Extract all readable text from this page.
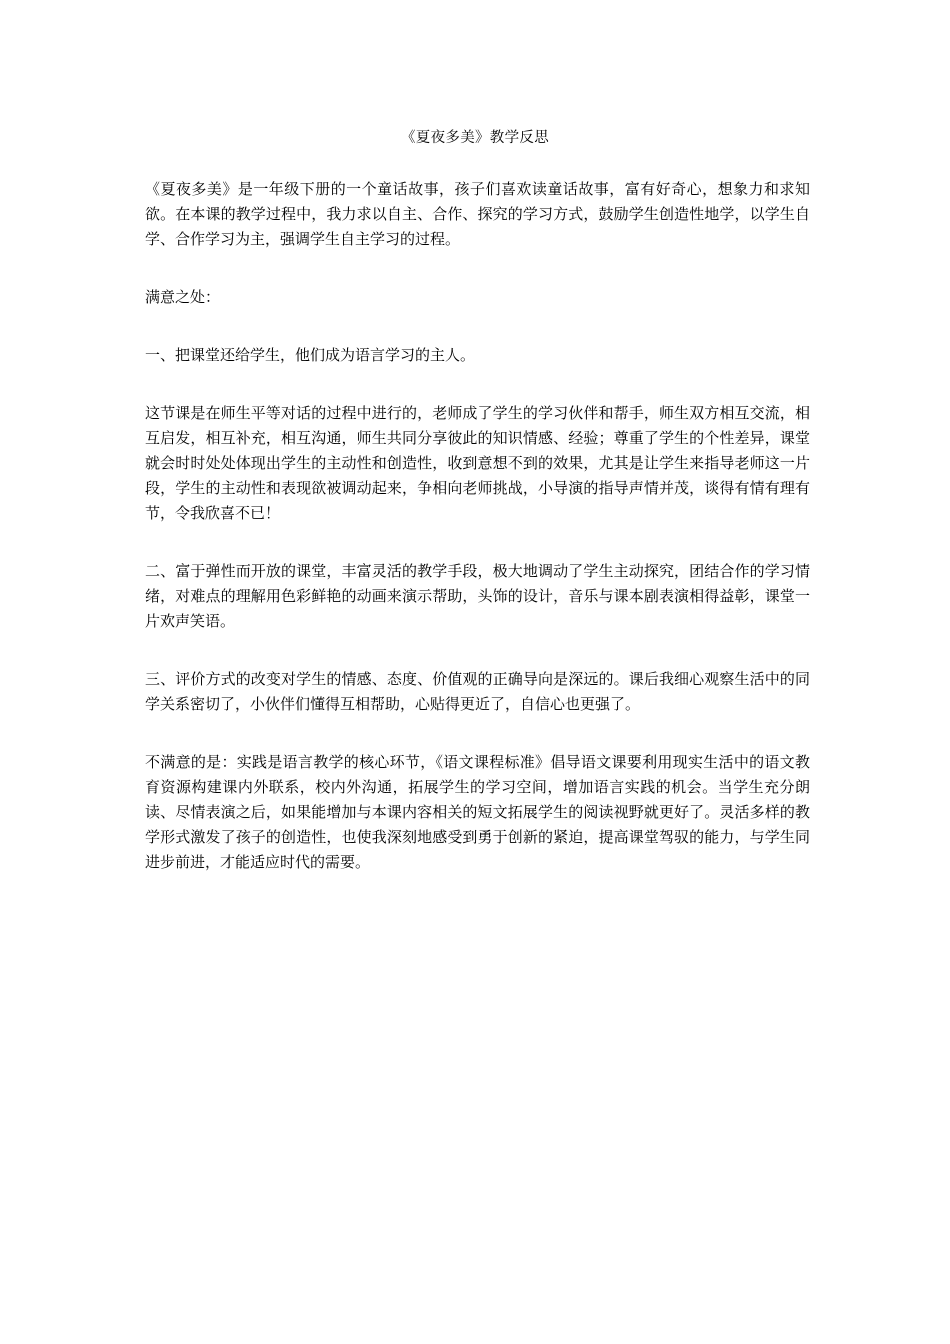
《夏夜多美》教学反思

《夏夜多美》是一年级下册的一个童话故事，孩子们喜欢读童话故事，富有好奇心，想象力和求知欲。在本课的教学过程中，我力求以自主、合作、探究的学习方式，鼓励学生创造性地学，以学生自学、合作学习为主，强调学生自主学习的过程。

满意之处：

一、把课堂还给学生，他们成为语言学习的主人。

这节课是在师生平等对话的过程中进行的，老师成了学生的学习伙伴和帮手，师生双方相互交流，相互启发，相互补充，相互沟通，师生共同分享彼此的知识情感、经验；尊重了学生的个性差异，课堂就会时时处处体现出学生的主动性和创造性，收到意想不到的效果，尤其是让学生来指导老师这一片段，学生的主动性和表现欲被调动起来，争相向老师挑战，小导演的指导声情并茂，谈得有情有理有节，令我欣喜不已！

二、富于弹性而开放的课堂，丰富灵活的教学手段，极大地调动了学生主动探究，团结合作的学习情绪，对难点的理解用色彩鲜艳的动画来演示帮助，头饰的设计，音乐与课本剧表演相得益彰，课堂一片欢声笑语。

三、评价方式的改变对学生的情感、态度、价值观的正确导向是深远的。课后我细心观察生活中的同学关系密切了，小伙伴们懂得互相帮助，心贴得更近了，自信心也更强了。

不满意的是：实践是语言教学的核心环节，《语文课程标准》倡导语文课要利用现实生活中的语文教育资源构建课内外联系，校内外沟通，拓展学生的学习空间，增加语言实践的机会。当学生充分朗读、尽情表演之后，如果能增加与本课内容相关的短文拓展学生的阅读视野就更好了。灵活多样的教学形式激发了孩子的创造性，也使我深刻地感受到勇于创新的紧迫，提高课堂驾驭的能力，与学生同进步前进，才能适应时代的需要。
